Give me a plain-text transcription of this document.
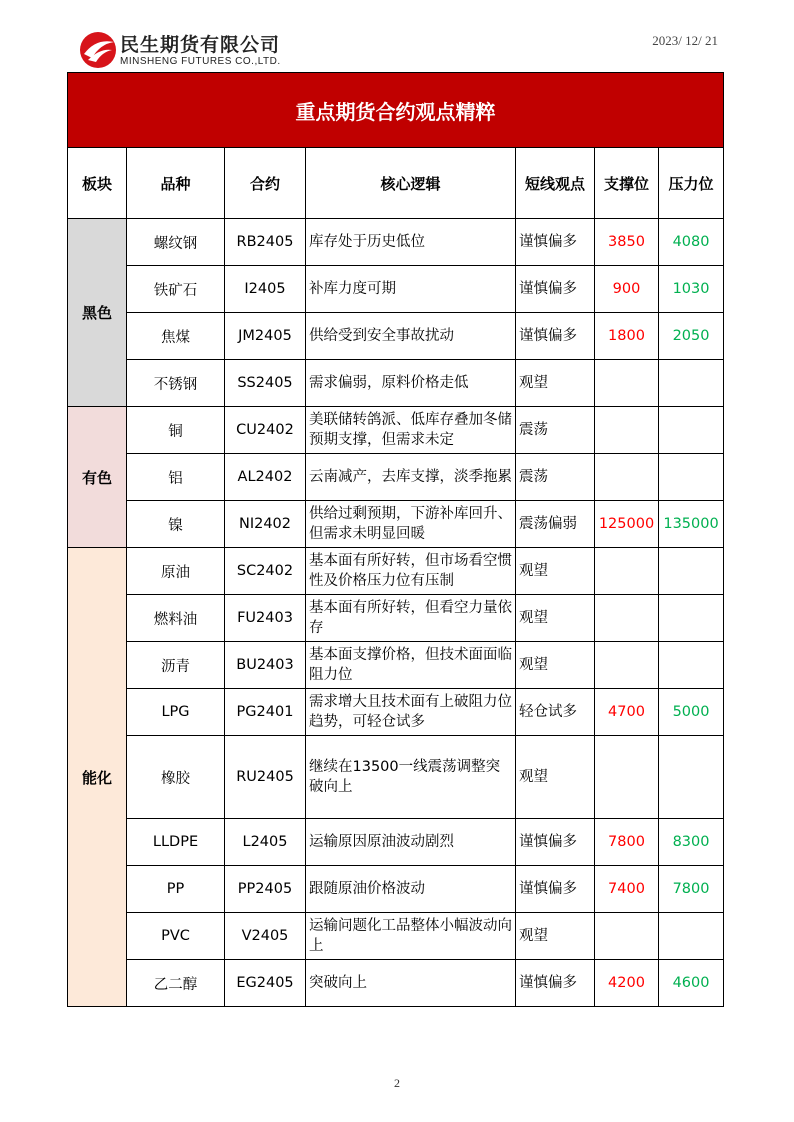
民生期货有限公司
MINSHENG FUTURES CO.,LTD.
2023/ 12/ 21
重点期货合约观点精粹						
板块	品种	合约	核心逻辑	短线观点	支撑位	压力位
黑色	螺纹钢	RB2405	库存处于历史低位	谨慎偏多	3850	4080
	铁矿石	I2405	补库力度可期	谨慎偏多	900	1030
	焦煤	JM2405	供给受到安全事故扰动	谨慎偏多	1800	2050
	不锈钢	SS2405	需求偏弱，原料价格走低	观望		
有色	铜	CU2402	美联储转鸽派、低库存叠加冬储预期支撑，但需求未定	震荡		
	铝	AL2402	云南减产，去库支撑，淡季拖累	震荡		
	镍	NI2402	供给过剩预期，下游补库回升、但需求未明显回暖	震荡偏弱	125000	135000
能化	原油	SC2402	基本面有所好转，但市场看空惯性及价格压力位有压制	观望		
	燃料油	FU2403	基本面有所好转，但看空力量依存	观望		
	沥青	BU2403	基本面支撑价格，但技术面面临阻力位	观望		
	LPG	PG2401	需求增大且技术面有上破阻力位趋势，可轻仓试多	轻仓试多	4700	5000
	橡胶	RU2405	继续在13500一线震荡调整突破向上	观望		
	LLDPE	L2405	运输原因原油波动剧烈	谨慎偏多	7800	8300
	PP	PP2405	跟随原油价格波动	谨慎偏多	7400	7800
	PVC	V2405	运输问题化工品整体小幅波动向上	观望		
	乙二醇	EG2405	突破向上	谨慎偏多	4200	4600
2
